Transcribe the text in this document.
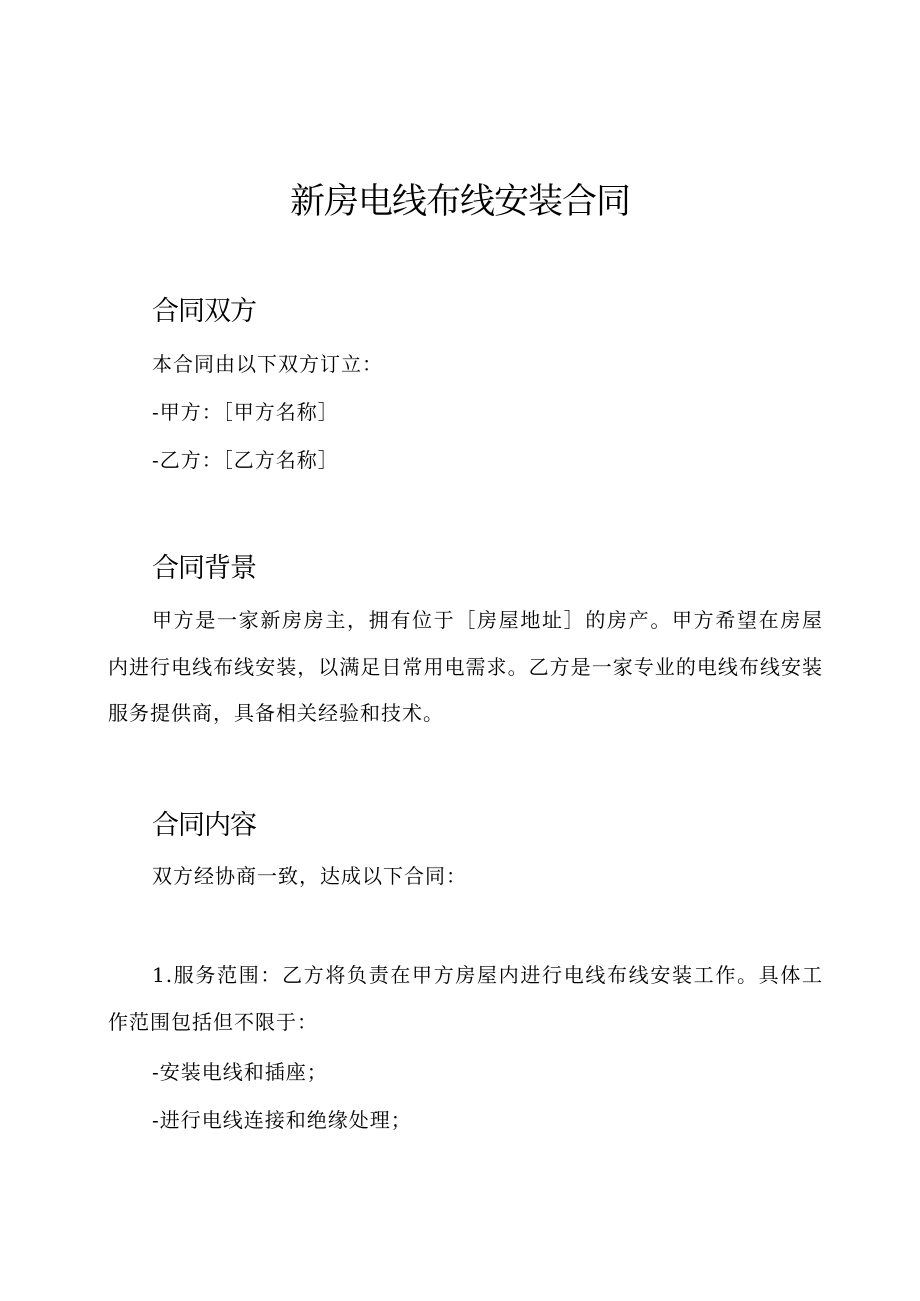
新房电线布线安装合同
合同双方

本合同由以下双方订立：

-甲方：［甲方名称］

-乙方：［乙方名称］

合同背景

甲方是一家新房房主，拥有位于［房屋地址］的房产。甲方希望在房屋内进行电线布线安装，以满足日常用电需求。乙方是一家专业的电线布线安装服务提供商，具备相关经验和技术。

合同内容

双方经协商一致，达成以下合同：

1.服务范围：乙方将负责在甲方房屋内进行电线布线安装工作。具体工作范围包括但不限于：

-安装电线和插座；

-进行电线连接和绝缘处理；
